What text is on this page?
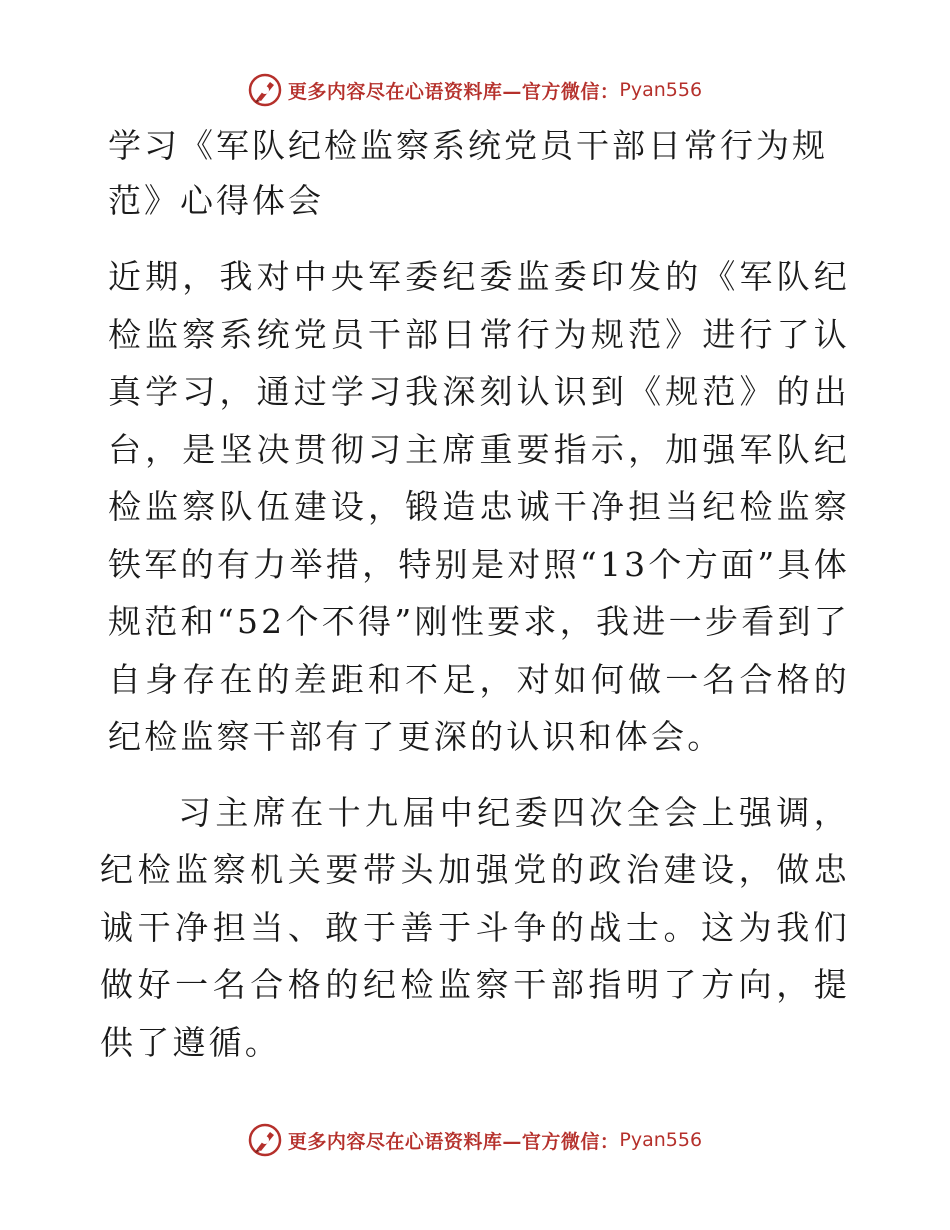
更多内容尽在心语资料库—官方微信： Pyan556
学习《军队纪检监察系统党员干部日常行为规范》心得体会

近期，我对中央军委纪委监委印发的《军队纪检监察系统党员干部日常行为规范》进行了认真学习，通过学习我深刻认识到《规范》的出台，是坚决贯彻习主席重要指示，加强军队纪检监察队伍建设，锻造忠诚干净担当纪检监察铁军的有力举措，特别是对照“13个方面”具体规范和“52个不得”刚性要求，我进一步看到了自身存在的差距和不足，对如何做一名合格的纪检监察干部有了更深的认识和体会。

习主席在十九届中纪委四次全会上强调，纪检监察机关要带头加强党的政治建设，做忠诚干净担当、敢于善于斗争的战士。这为我们做好一名合格的纪检监察干部指明了方向，提供了遵循。

更多内容尽在心语资料库—官方微信： Pyan556
